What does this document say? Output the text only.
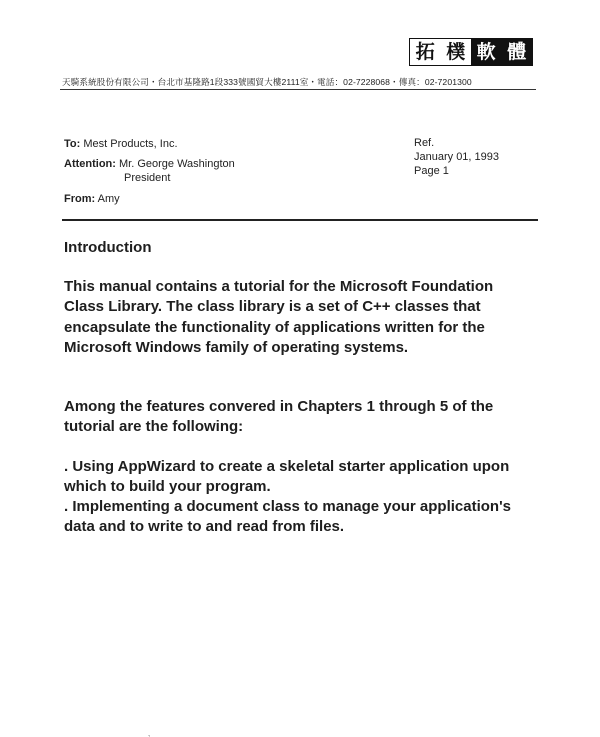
拓 樸 軟 體
天騎系統股份有限公司・台北市基隆路1段333號國貿大樓2111室・電話：02-7228068・傳真：02-7201300
To: Mest Products, Inc.
Attention: Mr. George Washington
President
From: Amy
Ref.
January 01, 1993
Page 1
Introduction

This manual contains a tutorial for the Microsoft Foundation Class Library. The class library is a set of C++ classes that encapsulate the functionality of applications written for the Microsoft Windows family of operating systems.

Among the features convered in Chapters 1 through 5 of the tutorial are the following:

. Using AppWizard to create a skeletal starter application upon which to build your program.

. Implementing a document class to manage your application's data and to write to and read from files.

ˎ
